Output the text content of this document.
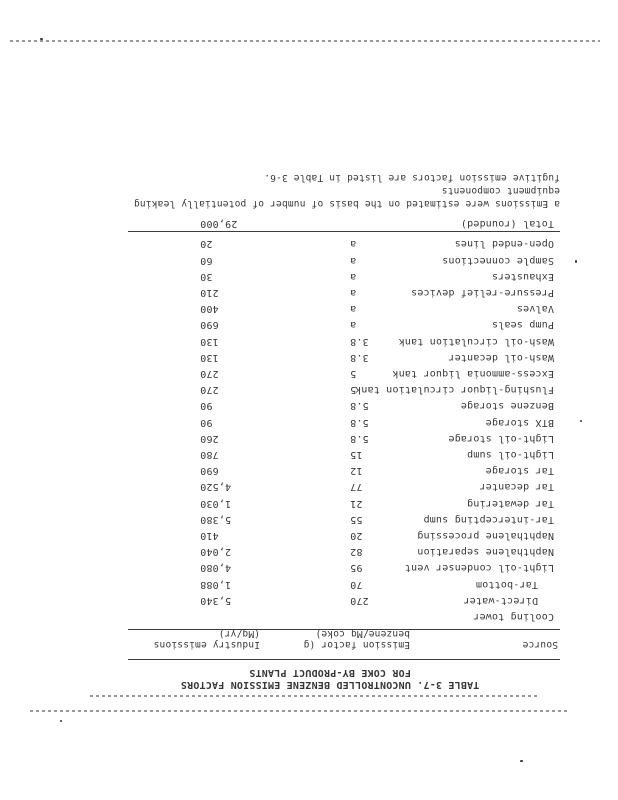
TABLE 3-7. UNCONTROLLED BENZENE EMISSION FACTORS
FOR COKE BY-PRODUCT PLANTS
Source
Emission factor (g benzene/Mg coke)
Industry emissions (Mg/yr)
Cooling tower
Direct-water
270
5,340
Tar-bottom
70
1,088
Light-oil condenser vent
95
4,080
Naphthalene separation
82
2,040
Naphthalene processing
20
410
Tar-intercepting sump
55
5,380
Tar dewatering
21
1,030
Tar decanter
77
4,520
Tar storage
12
690
Light-oil sump
15
780
Light-oil storage
5.8
260
BTX storage
5.8
90
Benzene storage
5.8
90
Flushing-liquor circulation tank
5
270
Excess-ammonia liquor tank
5
270
Wash-oil decanter
3.8
130
Wash-oil circulation tank
3.8
130
Pump seals
a
690
Valves
a
400
Pressure-relief devices
a
210
Exhausters
a
30
Sample connections
a
60
Open-ended lines
a
20
Total (rounded)
29,000
a Emissions were estimated on the basis of number of potentially leaking
equipment components
fugitive emission factors are listed in Table 3-6.
